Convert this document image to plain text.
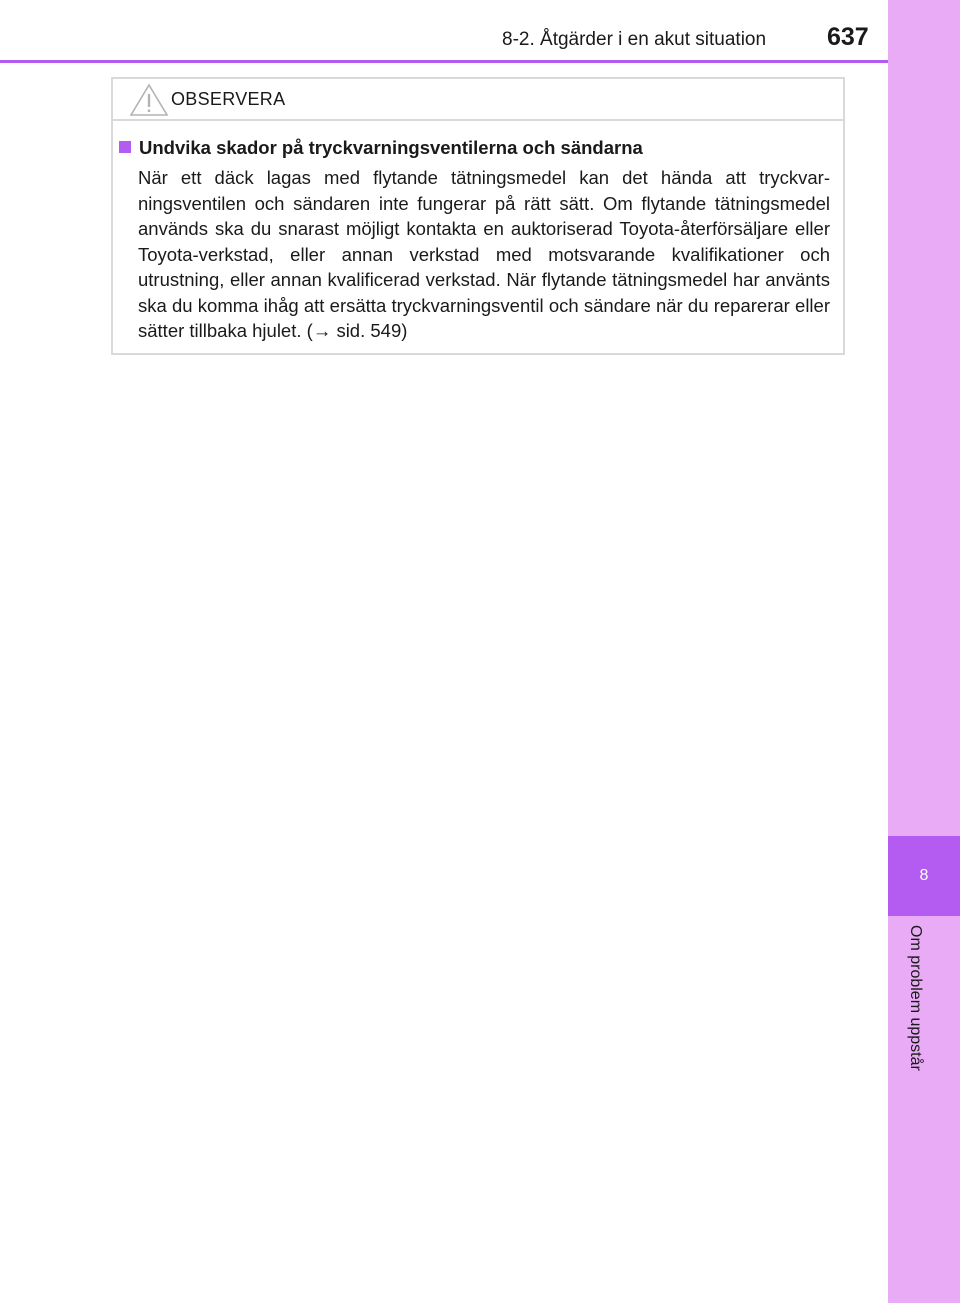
8
Om problem uppstår
8-2. Åtgärder i en akut situation 637
OBSERVERA
Undvika skador på tryckvarningsventilerna och sändarna
När ett däck lagas med flytande tätningsmedel kan det hända att tryckvarningsventilen och sändaren inte fungerar på rätt sätt. Om flytande tätningsmedel används ska du snarast möjligt kontakta en auktoriserad Toyota-återförsäljare eller Toyota-verkstad, eller annan verkstad med motsvarande kvalifikationer och utrustning, eller annan kvalificerad verkstad. När flytande tätningsmedel har använts ska du komma ihåg att ersätta tryckvarningsventil och sändare när du reparerar eller sätter tillbaka hjulet. (→ sid. 549)
